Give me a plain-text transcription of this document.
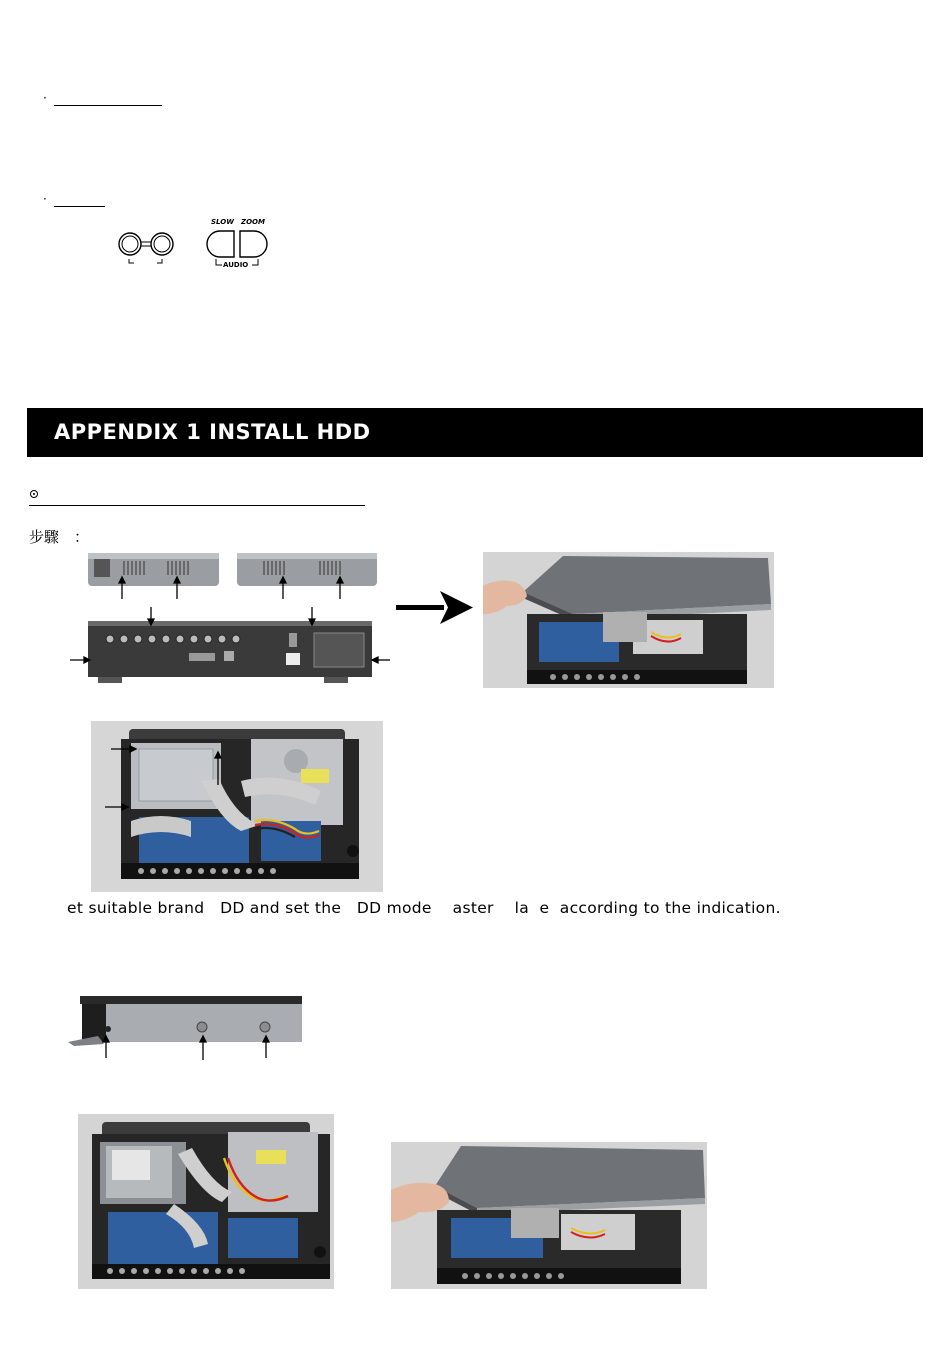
·
·
SLOW ZOOM
AUDIO
APPENDIX 1 INSTALL HDD
步驟　：
et suitable brand   DD and set the   DD mode    aster    la  e  according to the indication.
